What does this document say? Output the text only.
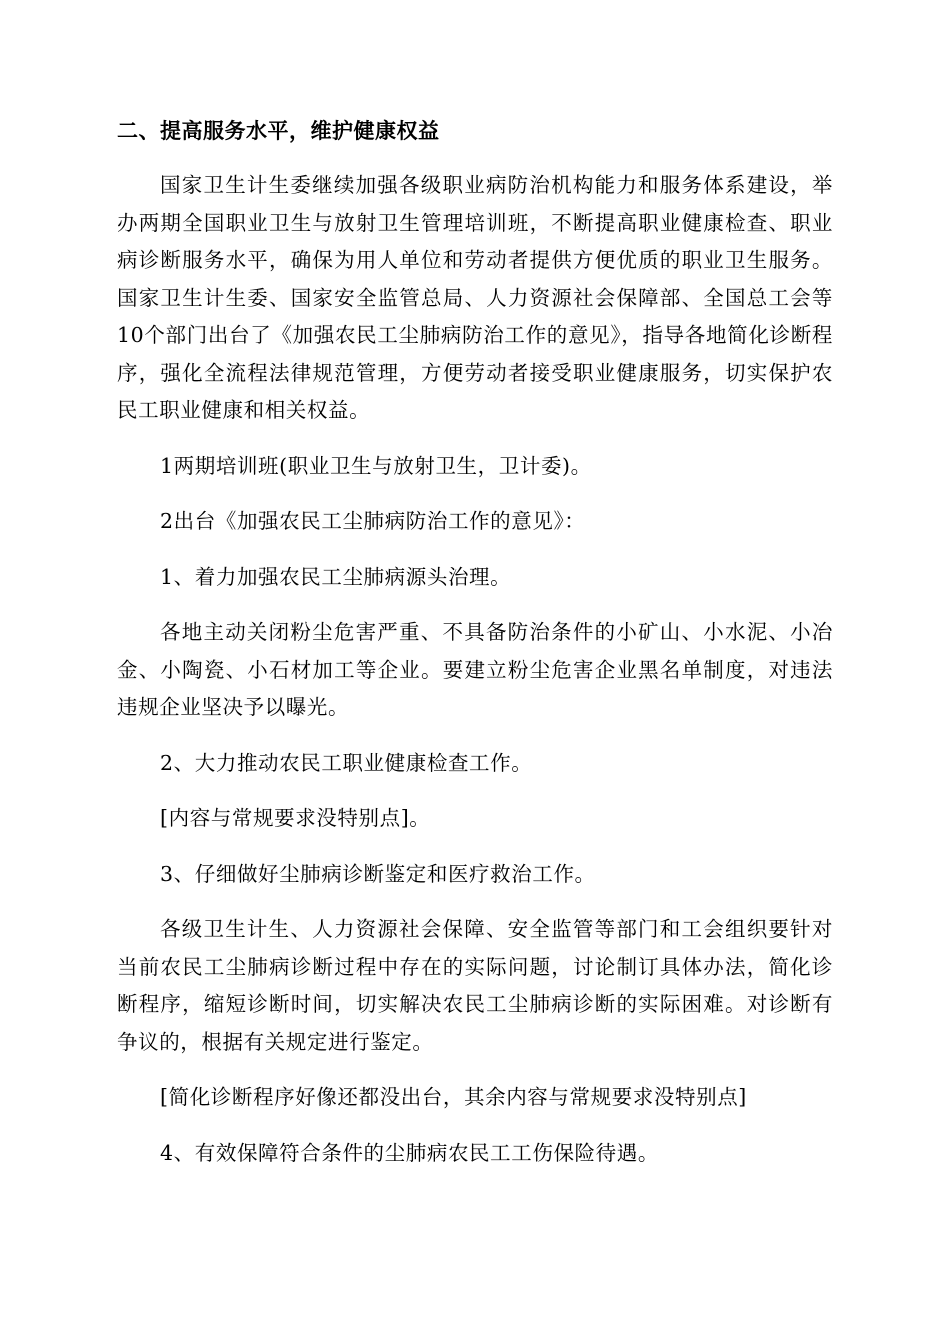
二、提高服务水平，维护健康权益

国家卫生计生委继续加强各级职业病防治机构能力和服务体系建设，举办两期全国职业卫生与放射卫生管理培训班，不断提高职业健康检查、职业病诊断服务水平，确保为用人单位和劳动者提供方便优质的职业卫生服务。国家卫生计生委、国家安全监管总局、人力资源社会保障部、全国总工会等10个部门出台了《加强农民工尘肺病防治工作的意见》，指导各地简化诊断程序，强化全流程法律规范管理，方便劳动者接受职业健康服务，切实保护农民工职业健康和相关权益。

1两期培训班(职业卫生与放射卫生，卫计委)。

2出台《加强农民工尘肺病防治工作的意见》：

1、着力加强农民工尘肺病源头治理。

各地主动关闭粉尘危害严重、不具备防治条件的小矿山、小水泥、小冶金、小陶瓷、小石材加工等企业。要建立粉尘危害企业黑名单制度，对违法违规企业坚决予以曝光。

2、大力推动农民工职业健康检查工作。

[内容与常规要求没特别点]。

3、仔细做好尘肺病诊断鉴定和医疗救治工作。

各级卫生计生、人力资源社会保障、安全监管等部门和工会组织要针对当前农民工尘肺病诊断过程中存在的实际问题，讨论制订具体办法，简化诊断程序，缩短诊断时间，切实解决农民工尘肺病诊断的实际困难。对诊断有争议的，根据有关规定进行鉴定。

[简化诊断程序好像还都没出台，其余内容与常规要求没特别点]

4、有效保障符合条件的尘肺病农民工工伤保险待遇。
